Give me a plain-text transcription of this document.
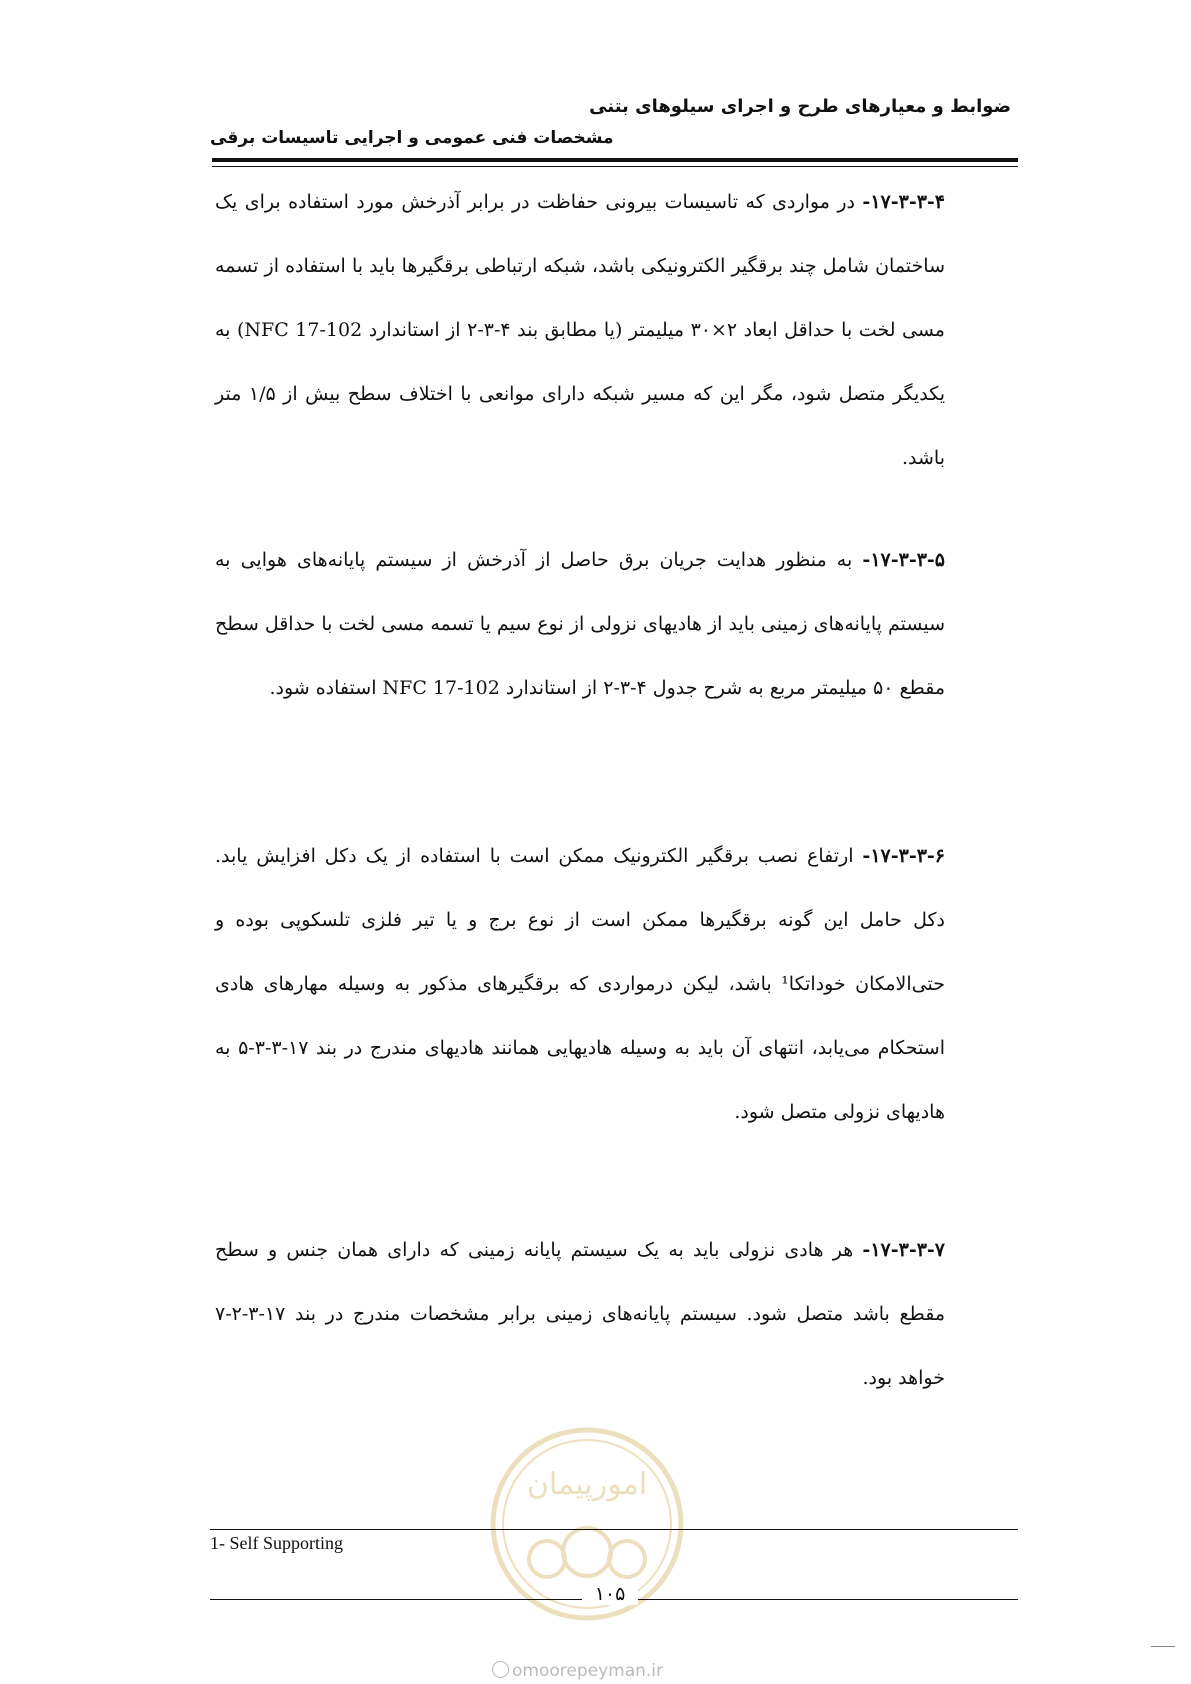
ضوابط و معیارهای طرح و اجرای سیلوهای بتنی
مشخصات فنی عمومی و اجرایی تاسیسات برقی
۱۷-۳-۳-۴- در مواردی که تاسیسات بیرونی حفاظت در برابر آذرخش مورد استفاده برای یک ساختمان شامل چند برقگیر الکترونیکی باشد، شبکه ارتباطی برقگیرها باید با استفاده از تسمه مسی لخت با حداقل ابعاد ۲×۳۰ میلیمتر (یا مطابق بند ۴-۳-۲ از استاندارد NFC 17-102) به یکدیگر متصل شود، مگر این که مسیر شبکه دارای موانعی با اختلاف سطح بیش از ۱/۵ متر باشد.
۱۷-۳-۳-۵- به منظور هدایت جریان برق حاصل از آذرخش از سیستم پایانه‌های هوایی به سیستم پایانه‌های زمینی باید از هادیهای نزولی از نوع سیم یا تسمه مسی لخت با حداقل سطح مقطع ۵۰ میلیمتر مربع به شرح جدول ۴-۳-۲ از استاندارد NFC 17-102 استفاده شود.
۱۷-۳-۳-۶- ارتفاع نصب برقگیر الکترونیک ممکن است با استفاده از یک دکل افزایش یابد. دکل حامل این گونه برقگیرها ممکن است از نوع برج و یا تیر فلزی تلسکوپی بوده و حتی‌الامکان خوداتکا¹ باشد، لیکن درمواردی که برقگیرهای مذکور به وسیله مهارهای هادی استحکام می‌یابد، انتهای آن باید به وسیله هادیهایی همانند هادیهای مندرج در بند ۱۷-۳-۳-۵ به هادیهای نزولی متصل شود.
۱۷-۳-۳-۷- هر هادی نزولی باید به یک سیستم پایانه زمینی که دارای همان جنس و سطح مقطع باشد متصل شود. سیستم پایانه‌های زمینی برابر مشخصات مندرج در بند ۱۷-۳-۲-۷ خواهد بود.
امورپیمان
1- Self Supporting
۱۰۵
omoorepeyman.ir
